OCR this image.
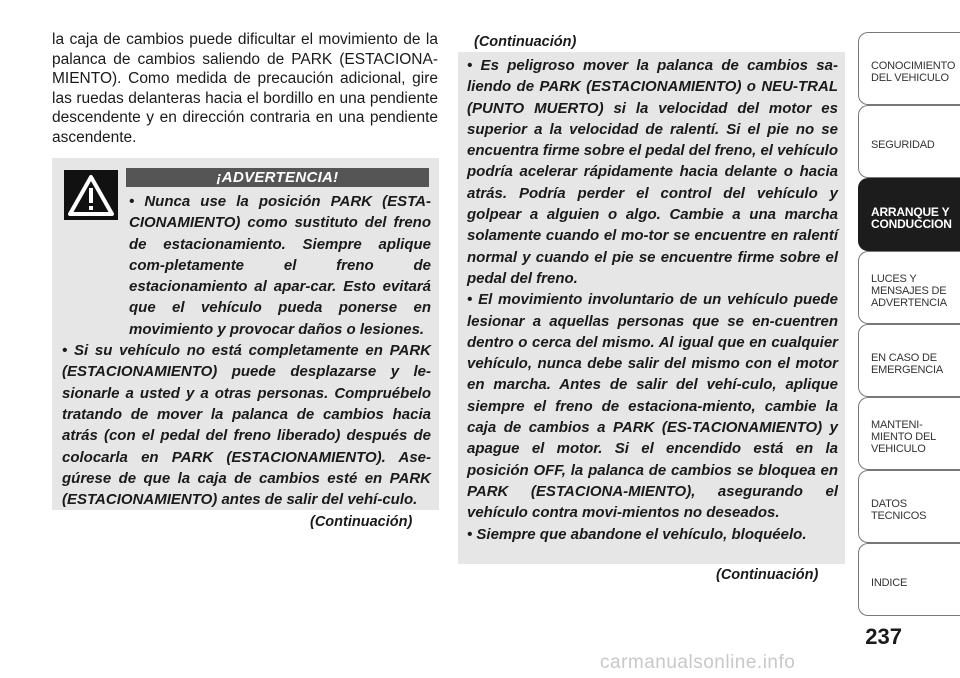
la caja de cambios puede dificultar el movimiento de la palanca de cambios saliendo de PARK (ESTACIONA-MIENTO). Como medida de precaución adicional, gire las ruedas delanteras hacia el bordillo en una pendiente descendente y en dirección contraria en una pendiente ascendente.

¡ADVERTENCIA!

• Nunca use la posición PARK (ESTA-CIONAMIENTO) como sustituto del freno de estacionamiento. Siempre aplique com-pletamente el freno de estacionamiento al apar-car. Esto evitará que el vehículo pueda ponerse en movimiento y provocar daños o lesiones.

• Si su vehículo no está completamente en PARK (ESTACIONAMIENTO) puede desplazarse y le-sionarle a usted y a otras personas. Compruébelo tratando de mover la palanca de cambios hacia atrás (con el pedal del freno liberado) después de colocarla en PARK (ESTACIONAMIENTO). Ase-gúrese de que la caja de cambios esté en PARK (ESTACIONAMIENTO) antes de salir del vehí-culo.

(Continuación)
(Continuación)

• Es peligroso mover la palanca de cambios sa-liendo de PARK (ESTACIONAMIENTO) o NEU-TRAL (PUNTO MUERTO) si la velocidad del motor es superior a la velocidad de ralentí. Si el pie no se encuentra firme sobre el pedal del freno, el vehículo podría acelerar rápidamente hacia delante o hacia atrás. Podría perder el control del vehículo y golpear a alguien o algo. Cambie a una marcha solamente cuando el mo-tor se encuentre en ralentí normal y cuando el pie se encuentre firme sobre el pedal del freno.

• El movimiento involuntario de un vehículo puede lesionar a aquellas personas que se en-cuentren dentro o cerca del mismo. Al igual que en cualquier vehículo, nunca debe salir del mismo con el motor en marcha. Antes de salir del vehí-culo, aplique siempre el freno de estaciona-miento, cambie la caja de cambios a PARK (ES-TACIONAMIENTO) y apague el motor. Si el encendido está en la posición OFF, la palanca de cambios se bloquea en PARK (ESTACIONA-MIENTO), asegurando el vehículo contra movi-mientos no deseados.

• Siempre que abandone el vehículo, bloquéelo.

(Continuación)
CONOCIMIENTO
DEL VEHICULO
SEGURIDAD
ARRANQUE Y
CONDUCCION
LUCES Y
MENSAJES DE
ADVERTENCIA
EN CASO DE
EMERGENCIA
MANTENI-
MIENTO DEL
VEHICULO
DATOS
TECNICOS
INDICE
237
carmanualsonline.info
